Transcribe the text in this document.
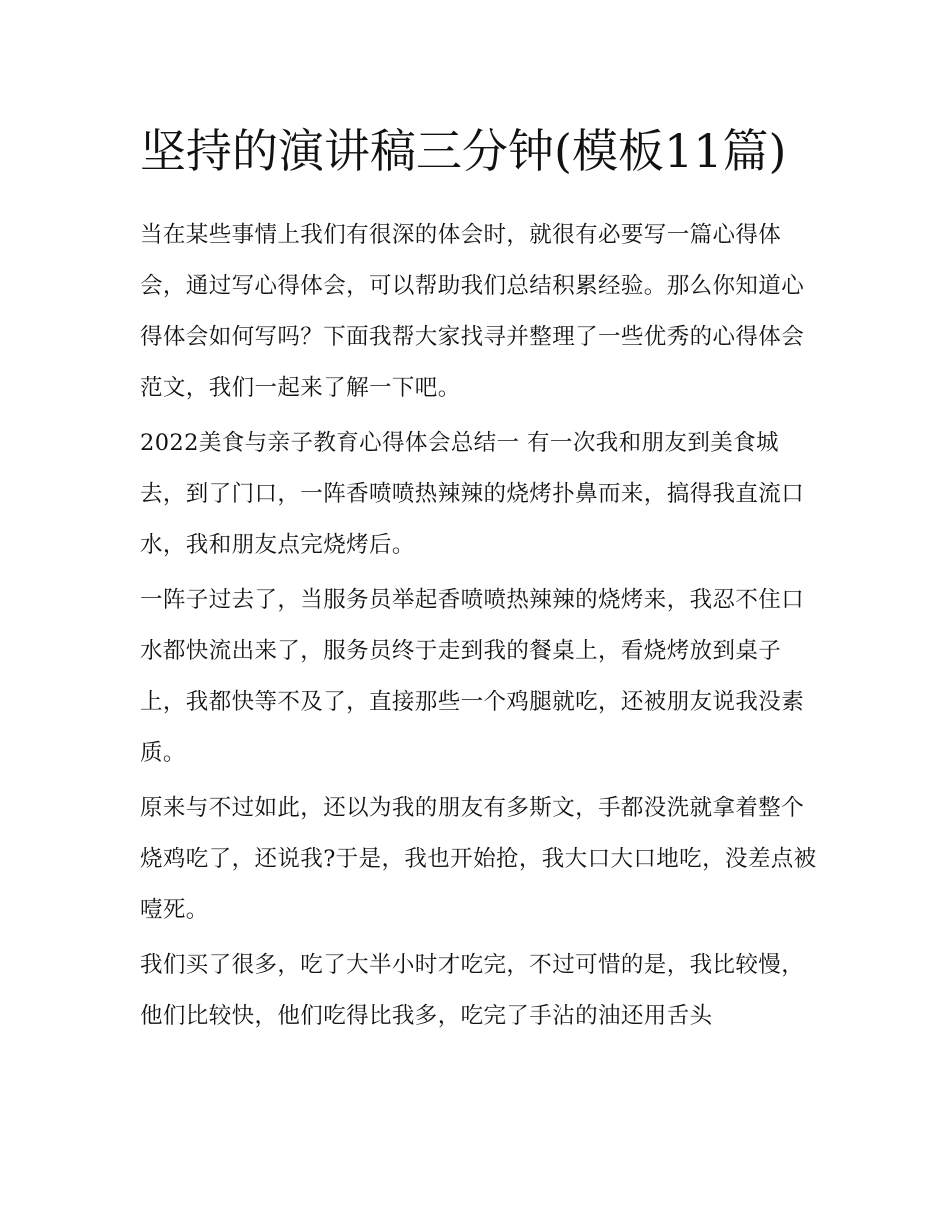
坚持的演讲稿三分钟(模板11篇)

当在某些事情上我们有很深的体会时，就很有必要写一篇心得体会，通过写心得体会，可以帮助我们总结积累经验。那么你知道心得体会如何写吗？下面我帮大家找寻并整理了一些优秀的心得体会范文，我们一起来了解一下吧。

2022美食与亲子教育心得体会总结一 有一次我和朋友到美食城去，到了门口，一阵香喷喷热辣辣的烧烤扑鼻而来，搞得我直流口水，我和朋友点完烧烤后。

一阵子过去了，当服务员举起香喷喷热辣辣的烧烤来，我忍不住口水都快流出来了，服务员终于走到我的餐桌上，看烧烤放到桌子上，我都快等不及了，直接那些一个鸡腿就吃，还被朋友说我没素质。

原来与不过如此，还以为我的朋友有多斯文，手都没洗就拿着整个烧鸡吃了，还说我?于是，我也开始抢，我大口大口地吃，没差点被噎死。

我们买了很多，吃了大半小时才吃完，不过可惜的是，我比较慢，他们比较快，他们吃得比我多，吃完了手沾的油还用舌头
